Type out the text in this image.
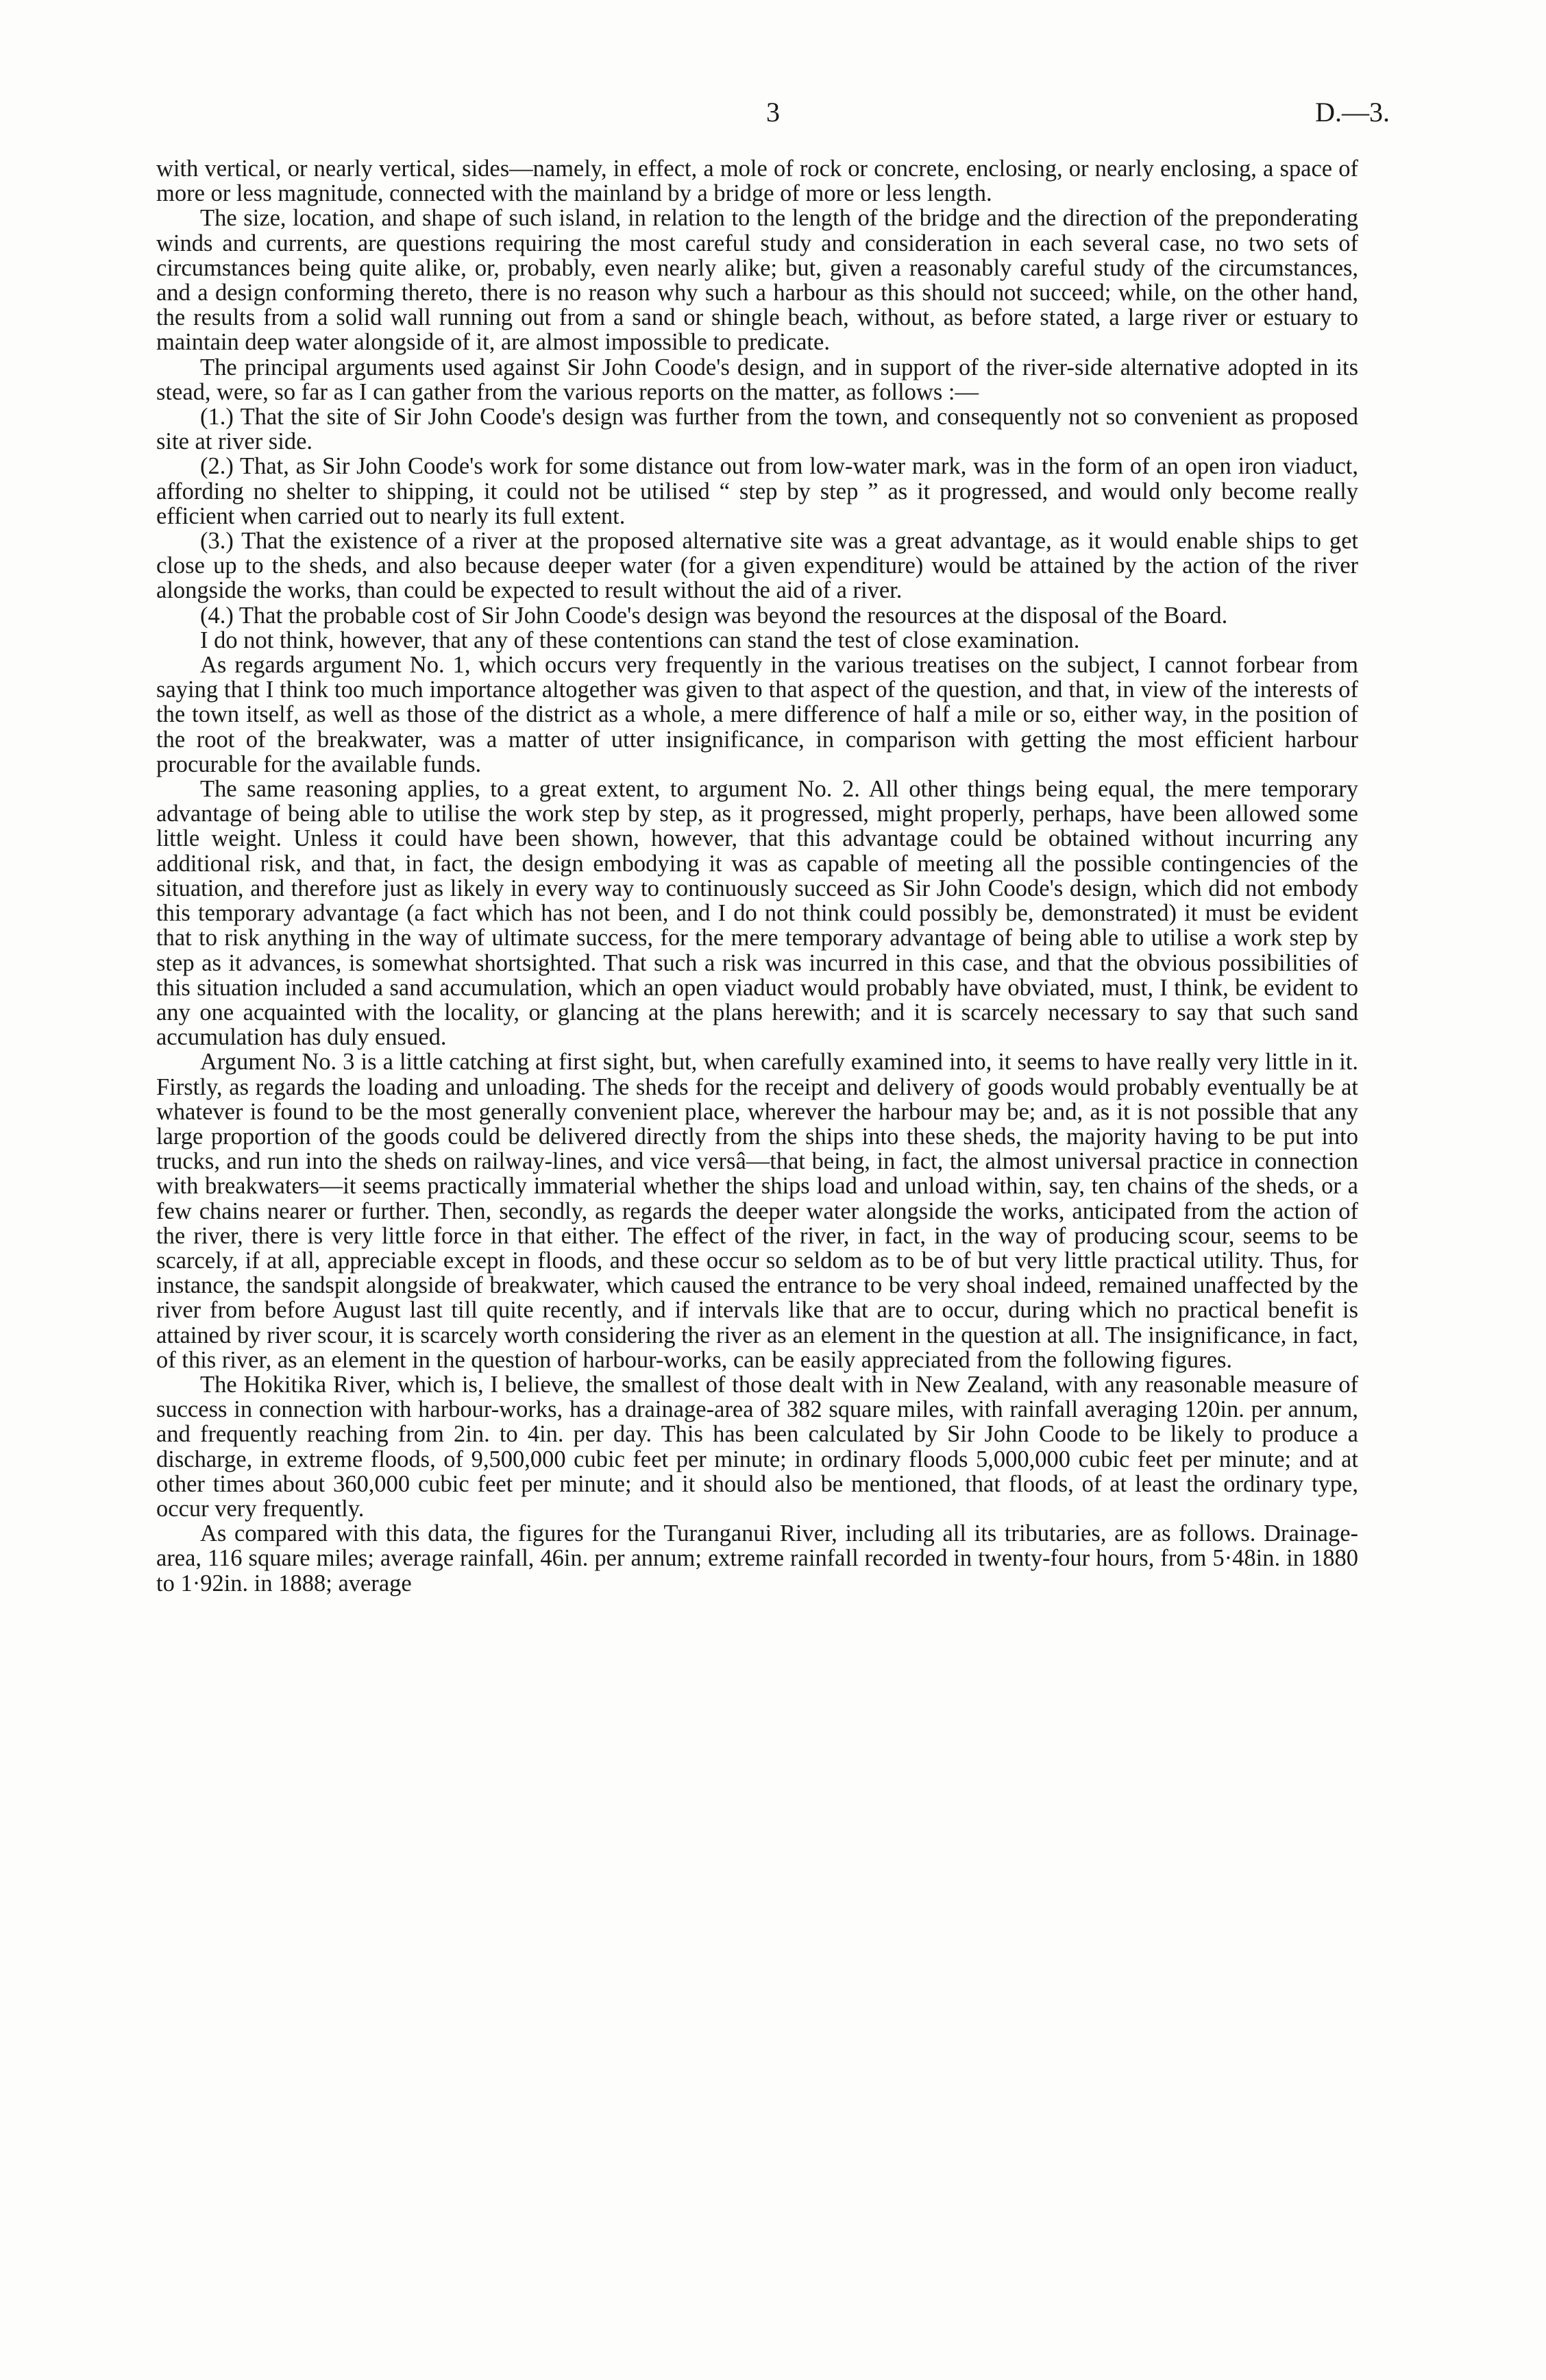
3	D.—3.

with vertical, or nearly vertical, sides—namely, in effect, a mole of rock or concrete, enclosing, or nearly enclosing, a space of more or less magnitude, connected with the mainland by a bridge of more or less length.

The size, location, and shape of such island, in relation to the length of the bridge and the direction of the preponderating winds and currents, are questions requiring the most careful study and consideration in each several case, no two sets of circumstances being quite alike, or, probably, even nearly alike; but, given a reasonably careful study of the circumstances, and a design conforming thereto, there is no reason why such a harbour as this should not succeed; while, on the other hand, the results from a solid wall running out from a sand or shingle beach, without, as before stated, a large river or estuary to maintain deep water alongside of it, are almost impossible to predicate.

The principal arguments used against Sir John Coode's design, and in support of the river-side alternative adopted in its stead, were, so far as I can gather from the various reports on the matter, as follows :—

(1.) That the site of Sir John Coode's design was further from the town, and consequently not so convenient as proposed site at river side.

(2.) That, as Sir John Coode's work for some distance out from low-water mark, was in the form of an open iron viaduct, affording no shelter to shipping, it could not be utilised “ step by step ” as it progressed, and would only become really efficient when carried out to nearly its full extent.

(3.) That the existence of a river at the proposed alternative site was a great advantage, as it would enable ships to get close up to the sheds, and also because deeper water (for a given expenditure) would be attained by the action of the river alongside the works, than could be expected to result without the aid of a river.

(4.) That the probable cost of Sir John Coode's design was beyond the resources at the disposal of the Board.

I do not think, however, that any of these contentions can stand the test of close examination.

As regards argument No. 1, which occurs very frequently in the various treatises on the subject, I cannot forbear from saying that I think too much importance altogether was given to that aspect of the question, and that, in view of the interests of the town itself, as well as those of the district as a whole, a mere difference of half a mile or so, either way, in the position of the root of the breakwater, was a matter of utter insignificance, in comparison with getting the most efficient harbour procurable for the available funds.

The same reasoning applies, to a great extent, to argument No. 2. All other things being equal, the mere temporary advantage of being able to utilise the work step by step, as it progressed, might properly, perhaps, have been allowed some little weight. Unless it could have been shown, however, that this advantage could be obtained without incurring any additional risk, and that, in fact, the design embodying it was as capable of meeting all the possible contingencies of the situation, and therefore just as likely in every way to continuously succeed as Sir John Coode's design, which did not embody this temporary advantage (a fact which has not been, and I do not think could possibly be, demonstrated) it must be evident that to risk anything in the way of ultimate success, for the mere temporary advantage of being able to utilise a work step by step as it advances, is somewhat shortsighted. That such a risk was incurred in this case, and that the obvious possibilities of this situation included a sand accumulation, which an open viaduct would probably have obviated, must, I think, be evident to any one acquainted with the locality, or glancing at the plans herewith; and it is scarcely necessary to say that such sand accumulation has duly ensued.

Argument No. 3 is a little catching at first sight, but, when carefully examined into, it seems to have really very little in it. Firstly, as regards the loading and unloading. The sheds for the receipt and delivery of goods would probably eventually be at whatever is found to be the most generally convenient place, wherever the harbour may be; and, as it is not possible that any large proportion of the goods could be delivered directly from the ships into these sheds, the majority having to be put into trucks, and run into the sheds on railway-lines, and vice versâ—that being, in fact, the almost universal practice in connection with breakwaters—it seems practically immaterial whether the ships load and unload within, say, ten chains of the sheds, or a few chains nearer or further. Then, secondly, as regards the deeper water alongside the works, anticipated from the action of the river, there is very little force in that either. The effect of the river, in fact, in the way of producing scour, seems to be scarcely, if at all, appreciable except in floods, and these occur so seldom as to be of but very little practical utility. Thus, for instance, the sandspit alongside of breakwater, which caused the entrance to be very shoal indeed, remained unaffected by the river from before August last till quite recently, and if intervals like that are to occur, during which no practical benefit is attained by river scour, it is scarcely worth considering the river as an element in the question at all. The insignificance, in fact, of this river, as an element in the question of harbour-works, can be easily appreciated from the following figures.

The Hokitika River, which is, I believe, the smallest of those dealt with in New Zealand, with any reasonable measure of success in connection with harbour-works, has a drainage-area of 382 square miles, with rainfall averaging 120in. per annum, and frequently reaching from 2in. to 4in. per day. This has been calculated by Sir John Coode to be likely to produce a discharge, in extreme floods, of 9,500,000 cubic feet per minute; in ordinary floods 5,000,000 cubic feet per minute; and at other times about 360,000 cubic feet per minute; and it should also be mentioned, that floods, of at least the ordinary type, occur very frequently.

As compared with this data, the figures for the Turanganui River, including all its tributaries, are as follows. Drainage-area, 116 square miles; average rainfall, 46in. per annum; extreme rainfall recorded in twenty-four hours, from 5·48in. in 1880 to 1·92in. in 1888; average
